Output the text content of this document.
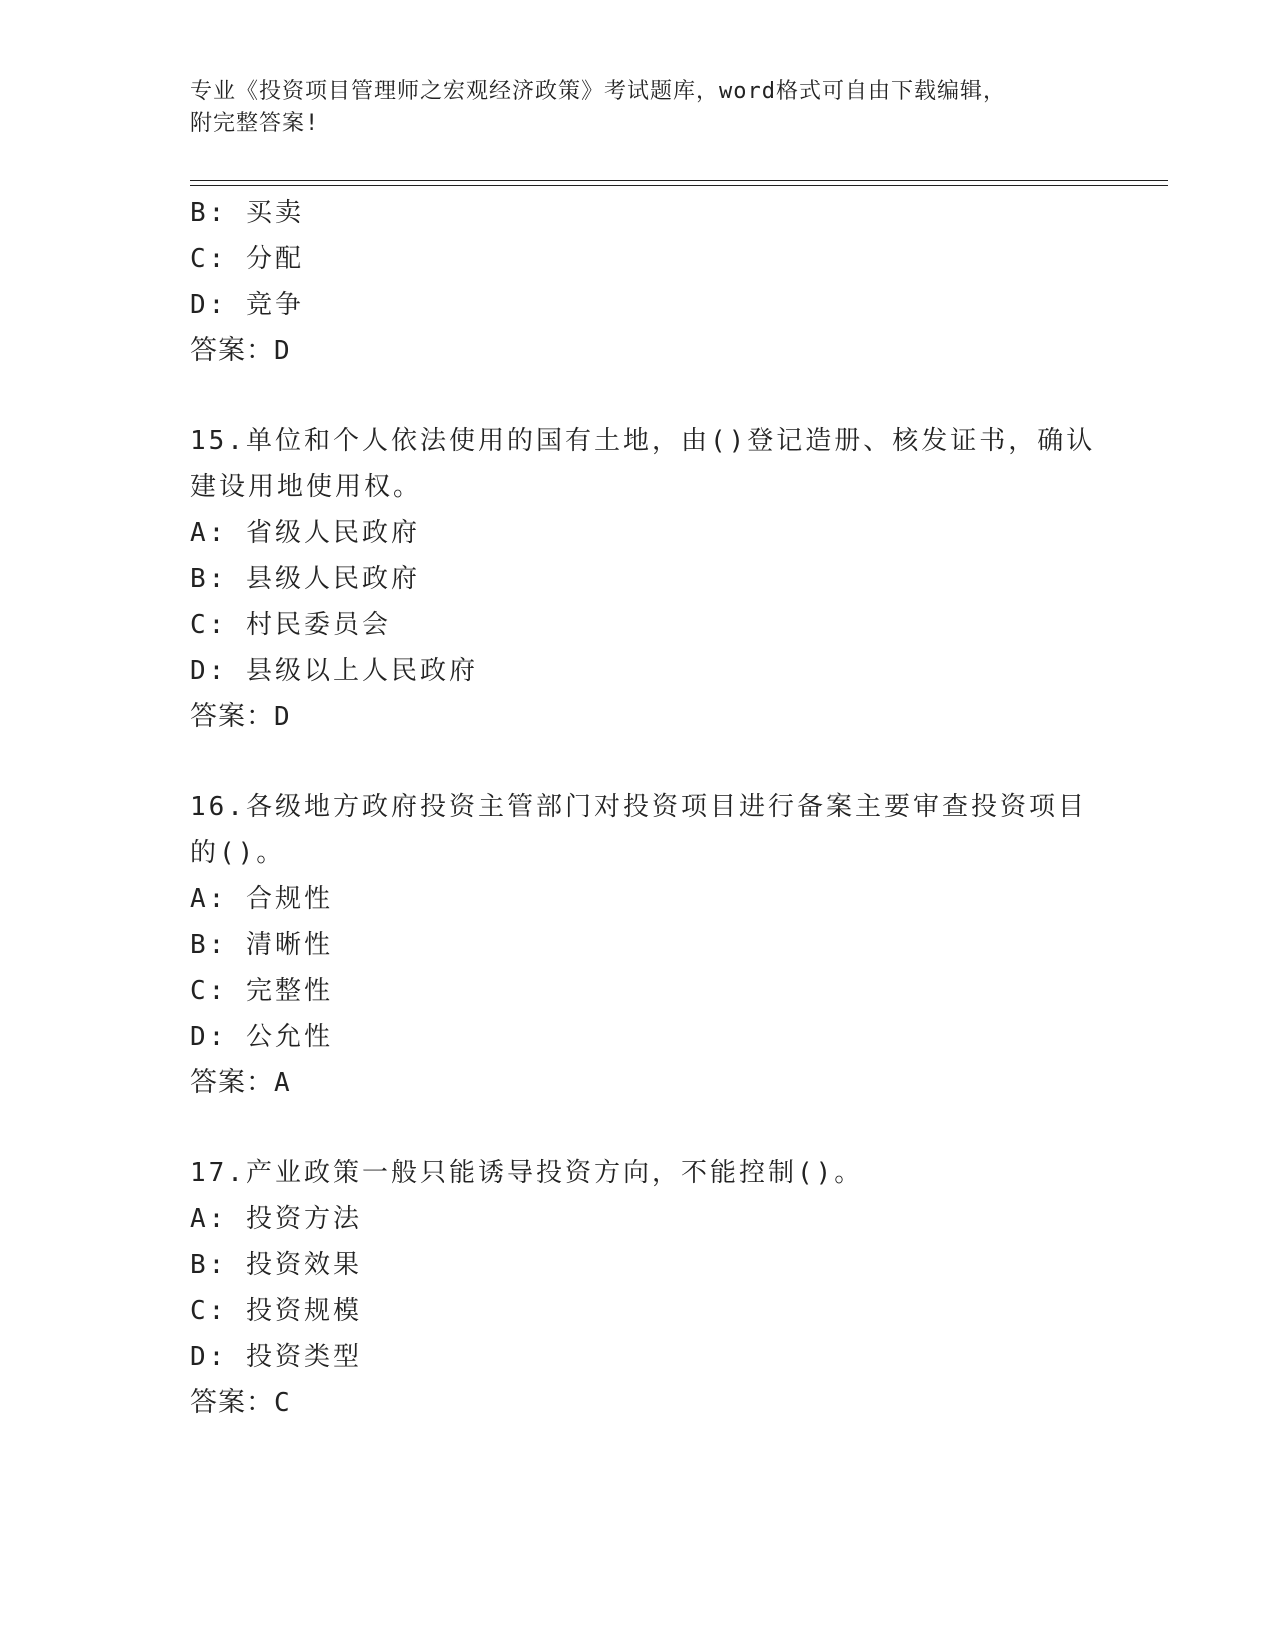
专业《投资项目管理师之宏观经济政策》考试题库，word格式可自由下载编辑，
附完整答案!
B: 买卖
C: 分配
D: 竞争
答案：D
15.单位和个人依法使用的国有土地，由()登记造册、核发证书，确认
建设用地使用权。
A: 省级人民政府
B: 县级人民政府
C: 村民委员会
D: 县级以上人民政府
答案：D
16.各级地方政府投资主管部门对投资项目进行备案主要审查投资项目
的()。
A: 合规性
B: 清晰性
C: 完整性
D: 公允性
答案：A
17.产业政策一般只能诱导投资方向，不能控制()。
A: 投资方法
B: 投资效果
C: 投资规模
D: 投资类型
答案：C
